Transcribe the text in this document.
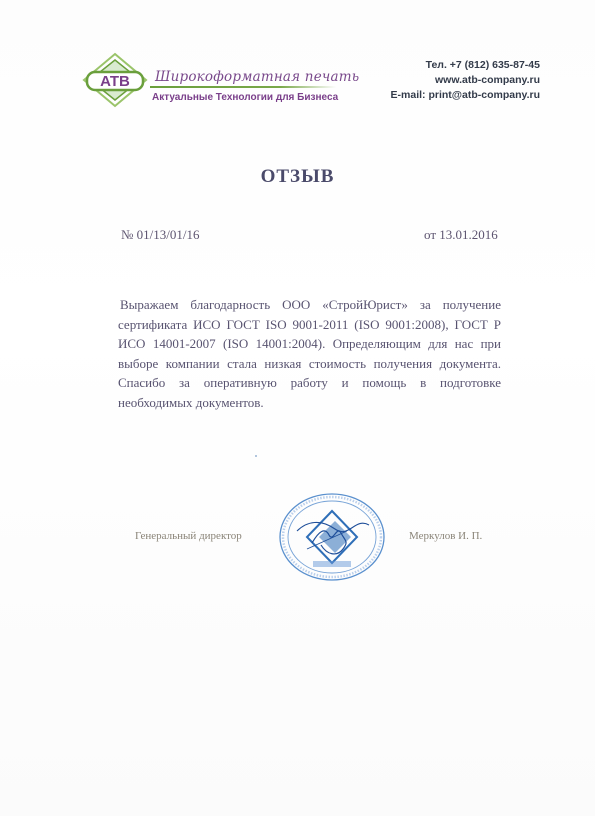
ATB Широкоформатная печать
Актуальные Технологии для Бизнеса
Тел. +7 (812) 635-87-45
www.atb-company.ru
E-mail: print@atb-company.ru
ОТЗЫВ
№ 01/13/01/16	от 13.01.2016
Выражаем благодарность ООО «СтройЮрист» за получение сертификата ИСО ГОСТ ISO 9001-2011 (ISO 9001:2008), ГОСТ Р ИСО 14001-2007 (ISO 14001:2004). Определяющим для нас при выборе компании стала низкая стоимость получения документа. Спасибо за оперативную работу и помощь в подготовке необходимых документов.
Генеральный директор	Меркулов И. П.
